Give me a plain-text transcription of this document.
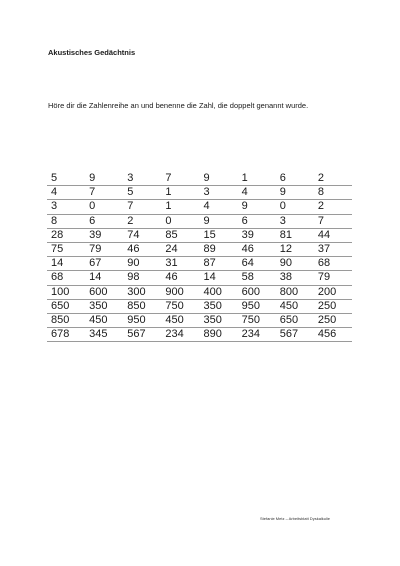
Akustisches Gedächtnis
Höre dir die Zahlenreihe an und benenne die Zahl, die doppelt genannt wurde.
5	9	3	7	9	1	6	2
4	7	5	1	3	4	9	8
3	0	7	1	4	9	0	2
8	6	2	0	9	6	3	7
28	39	74	85	15	39	81	44
75	79	46	24	89	46	12	37
14	67	90	31	87	64	90	68
68	14	98	46	14	58	38	79
100	600	300	900	400	600	800	200
650	350	850	750	350	950	450	250
850	450	950	450	350	750	650	250
678	345	567	234	890	234	567	456
Stefanie Metz – Arbeitsblatt Dyskalkulie
